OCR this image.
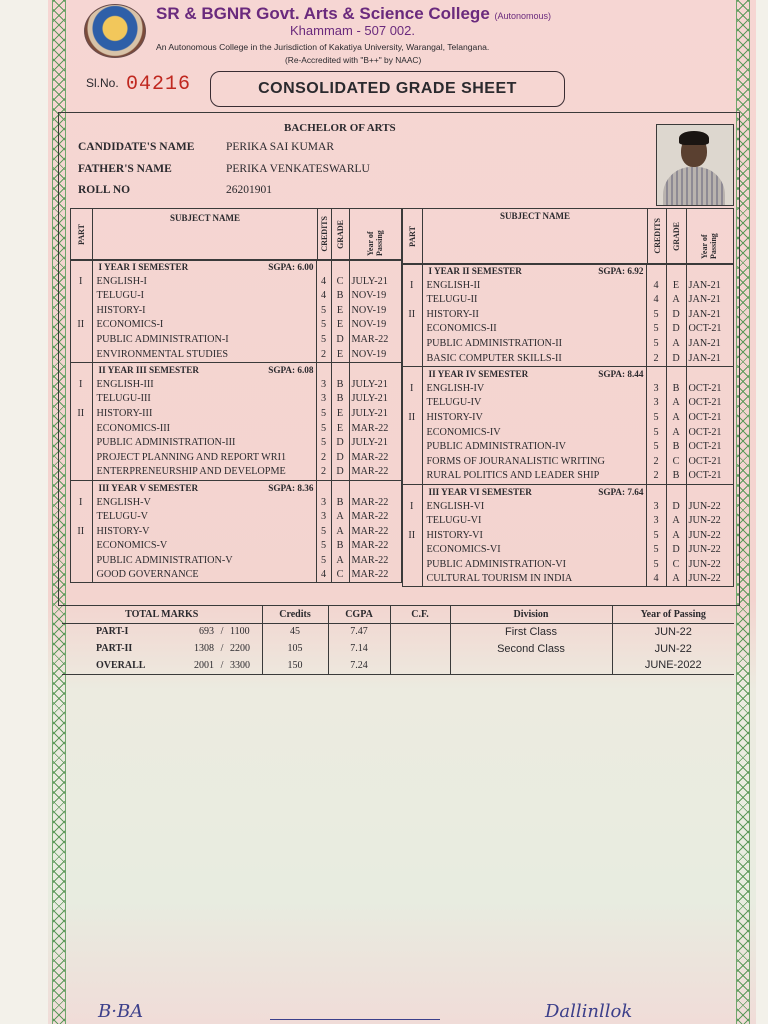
SR & BGNR Govt. Arts & Science College (Autonomous)
Khammam - 507 002.
An Autonomous College in the Jurisdiction of Kakatiya University, Warangal, Telangana.
(Re-Accredited with "B++" by NAAC)
Sl.No. 04216	CONSOLIDATED GRADE SHEET
BACHELOR OF ARTS
CANDIDATE'S NAME	PERIKA SAI KUMAR
FATHER'S NAME	PERIKA VENKATESWARLU
ROLL NO	26201901
PART
SUBJECT NAME	CREDITS GRADE	Year of Passing	PART
SUBJECT NAME
CREDITS GRADE Year of Passing
	I YEAR I SEMESTER SGPA: 6.00			

I	ENGLISH-I	4	C	JULY-21
	TELUGU-I	4	B	NOV-19
	HISTORY-I	5	E	NOV-19
II	ECONOMICS-I	5	E	NOV-19
	PUBLIC ADMINISTRATION-I	5	D	MAR-22
	ENVIRONMENTAL STUDIES	2	E	NOV-19
	II YEAR III SEMESTER SGPA: 6.08			

I	ENGLISH-III	3	B	JULY-21
	TELUGU-III	3	B	JULY-21
II	HISTORY-III	5	E	JULY-21
	ECONOMICS-III	5	E	MAR-22
	PUBLIC ADMINISTRATION-III	5	D	JULY-21
	PROJECT PLANNING AND REPORT WRI1	2	D	MAR-22
	ENTERPRENEURSHIP AND DEVELOPME	2	D	MAR-22
	III YEAR V SEMESTER SGPA: 8.36			

I	ENGLISH-V	3	B	MAR-22
	TELUGU-V	3	A	MAR-22
II	HISTORY-V	5	A	MAR-22
	ECONOMICS-V	5	B	MAR-22
	PUBLIC ADMINISTRATION-V	5	A	MAR-22
	GOOD GOVERNANCE	4	C	MAR-22
	I YEAR II SEMESTER SGPA: 6.92			

I	ENGLISH-II	4	E	JAN-21
	TELUGU-II	4	A	JAN-21
II	HISTORY-II	5	D	JAN-21
	ECONOMICS-II	5	D	OCT-21
	PUBLIC ADMINISTRATION-II	5	A	JAN-21
	BASIC COMPUTER SKILLS-II	2	D	JAN-21
	II YEAR IV SEMESTER SGPA: 8.44			

I	ENGLISH-IV	3	B	OCT-21
	TELUGU-IV	3	A	OCT-21
II	HISTORY-IV	5	A	OCT-21
	ECONOMICS-IV	5	A	OCT-21
	PUBLIC ADMINISTRATION-IV	5	B	OCT-21
	FORMS OF JOURANALISTIC WRITING	2	C	OCT-21
	RURAL POLITICS AND LEADER SHIP	2	B	OCT-21
	III YEAR VI SEMESTER SGPA: 7.64			

I	ENGLISH-VI	3	D	JUN-22
	TELUGU-VI	3	A	JUN-22
II	HISTORY-VI	5	A	JUN-22
	ECONOMICS-VI	5	D	JUN-22
	PUBLIC ADMINISTRATION-VI	5	C	JUN-22
	CULTURAL TOURISM IN INDIA	4	A	JUN-22
TOTAL MARKS	Credits	CGPA	C.F.	Division	Year of Passing
PART-I 693 / 1100	45	7.47		First Class	JUN-22
PART-II 1308 / 2200	105	7.14		Second Class	JUN-22
OVERALL 2001 / 3300	150	7.24			JUNE-2022
B·BA	Dallinllok
